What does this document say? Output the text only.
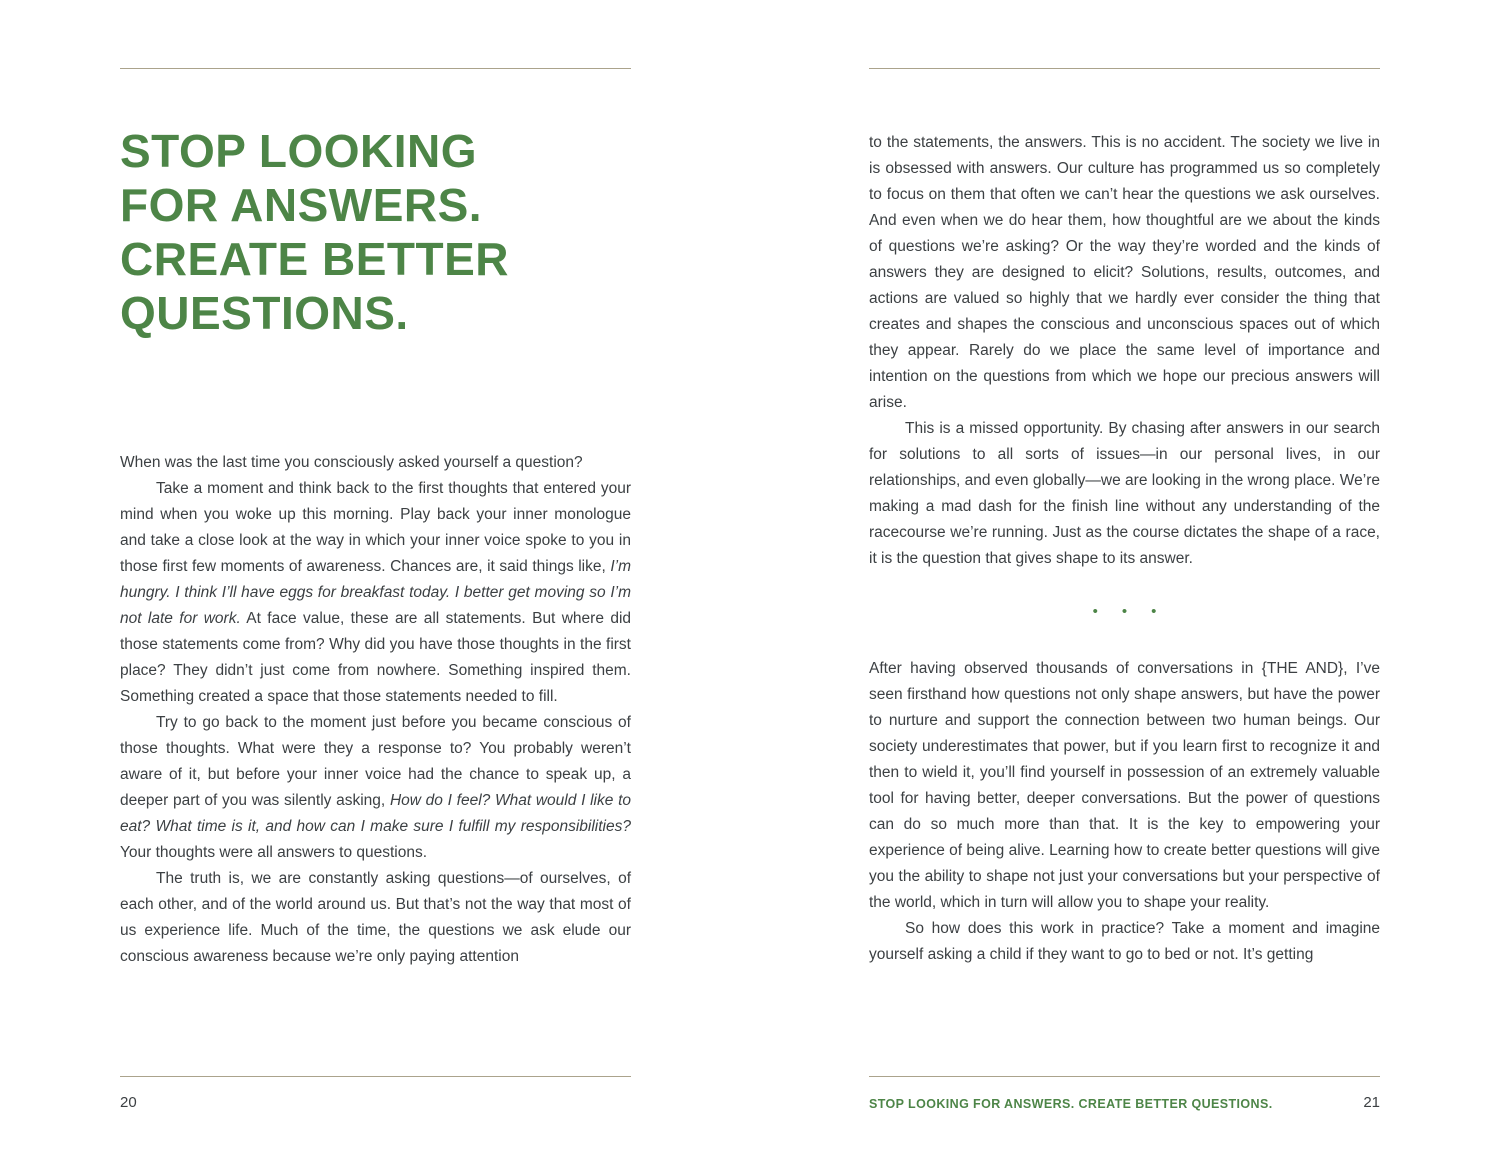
STOP LOOKING
FOR ANSWERS.
CREATE BETTER
QUESTIONS.

When was the last time you consciously asked yourself a question?

Take a moment and think back to the first thoughts that entered your mind when you woke up this morning. Play back your inner monologue and take a close look at the way in which your inner voice spoke to you in those first few moments of awareness. Chances are, it said things like, I’m hungry. I think I’ll have eggs for breakfast today. I better get moving so I’m not late for work. At face value, these are all statements. But where did those statements come from? Why did you have those thoughts in the first place? They didn’t just come from nowhere. Something inspired them. Something created a space that those statements needed to fill.

Try to go back to the moment just before you became conscious of those thoughts. What were they a response to? You probably weren’t aware of it, but before your inner voice had the chance to speak up, a deeper part of you was silently asking, How do I feel? What would I like to eat? What time is it, and how can I make sure I fulfill my responsibilities? Your thoughts were all answers to questions.

The truth is, we are constantly asking questions—of ourselves, of each other, and of the world around us. But that’s not the way that most of us experience life. Much of the time, the questions we ask elude our conscious awareness because we’re only paying attention

20

to the statements, the answers. This is no accident. The society we live in is obsessed with answers. Our culture has programmed us so completely to focus on them that often we can’t hear the questions we ask ourselves. And even when we do hear them, how thoughtful are we about the kinds of questions we’re asking? Or the way they’re worded and the kinds of answers they are designed to elicit? Solutions, results, outcomes, and actions are valued so highly that we hardly ever consider the thing that creates and shapes the conscious and unconscious spaces out of which they appear. Rarely do we place the same level of importance and intention on the questions from which we hope our precious answers will arise.

This is a missed opportunity. By chasing after answers in our search for solutions to all sorts of issues—in our personal lives, in our relationships, and even globally—we are looking in the wrong place. We’re making a mad dash for the finish line without any understanding of the racecourse we’re running. Just as the course dictates the shape of a race, it is the question that gives shape to its answer.

•••

After having observed thousands of conversations in {THE AND}, I’ve seen firsthand how questions not only shape answers, but have the power to nurture and support the connection between two human beings. Our society underestimates that power, but if you learn first to recognize it and then to wield it, you’ll find yourself in possession of an extremely valuable tool for having better, deeper conversations. But the power of questions can do so much more than that. It is the key to empowering your experience of being alive. Learning how to create better questions will give you the ability to shape not just your conversations but your perspective of the world, which in turn will allow you to shape your reality.

So how does this work in practice? Take a moment and imagine yourself asking a child if they want to go to bed or not. It’s getting

STOP LOOKING FOR ANSWERS. CREATE BETTER QUESTIONS.	21
